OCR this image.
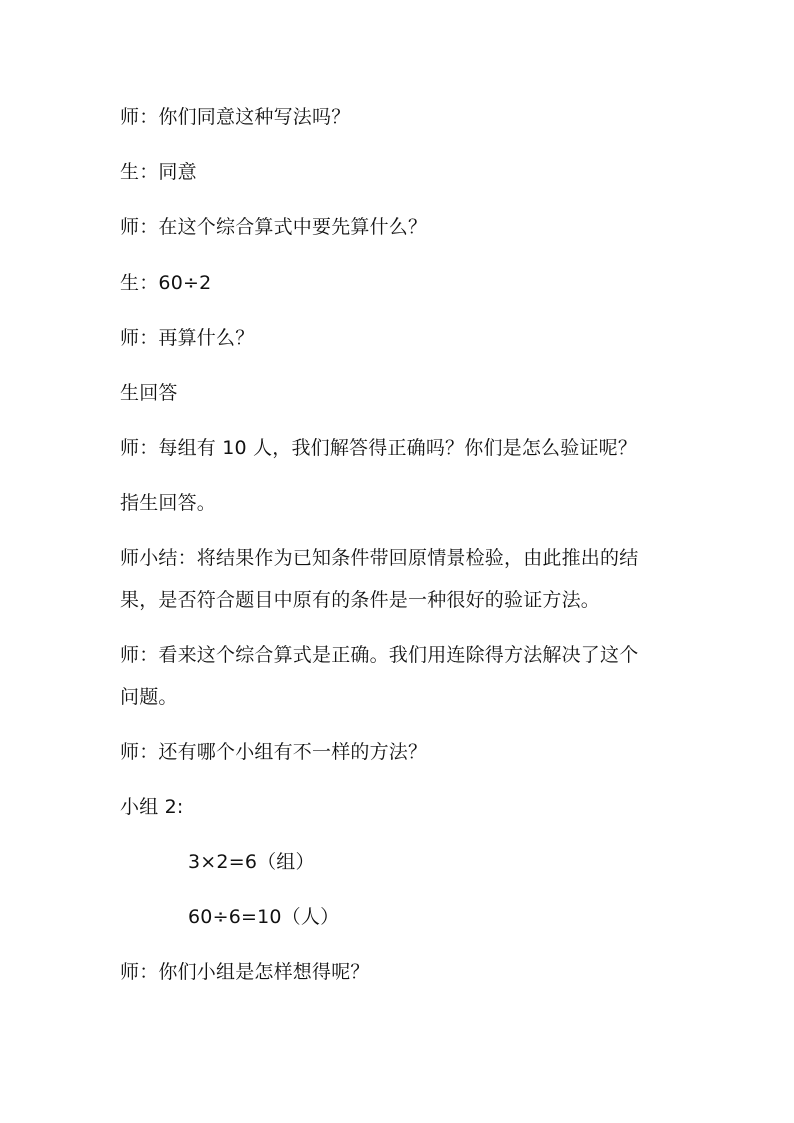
师：你们同意这种写法吗？
生：同意
师：在这个综合算式中要先算什么？
生：60÷2
师：再算什么？
生回答
师：每组有 10 人，我们解答得正确吗？你们是怎么验证呢？
指生回答。
师小结：将结果作为已知条件带回原情景检验，由此推出的结
果，是否符合题目中原有的条件是一种很好的验证方法。
师：看来这个综合算式是正确。我们用连除得方法解决了这个
问题。
师：还有哪个小组有不一样的方法？
小组 2:
3×2=6（组）
60÷6=10（人）
师：你们小组是怎样想得呢？
